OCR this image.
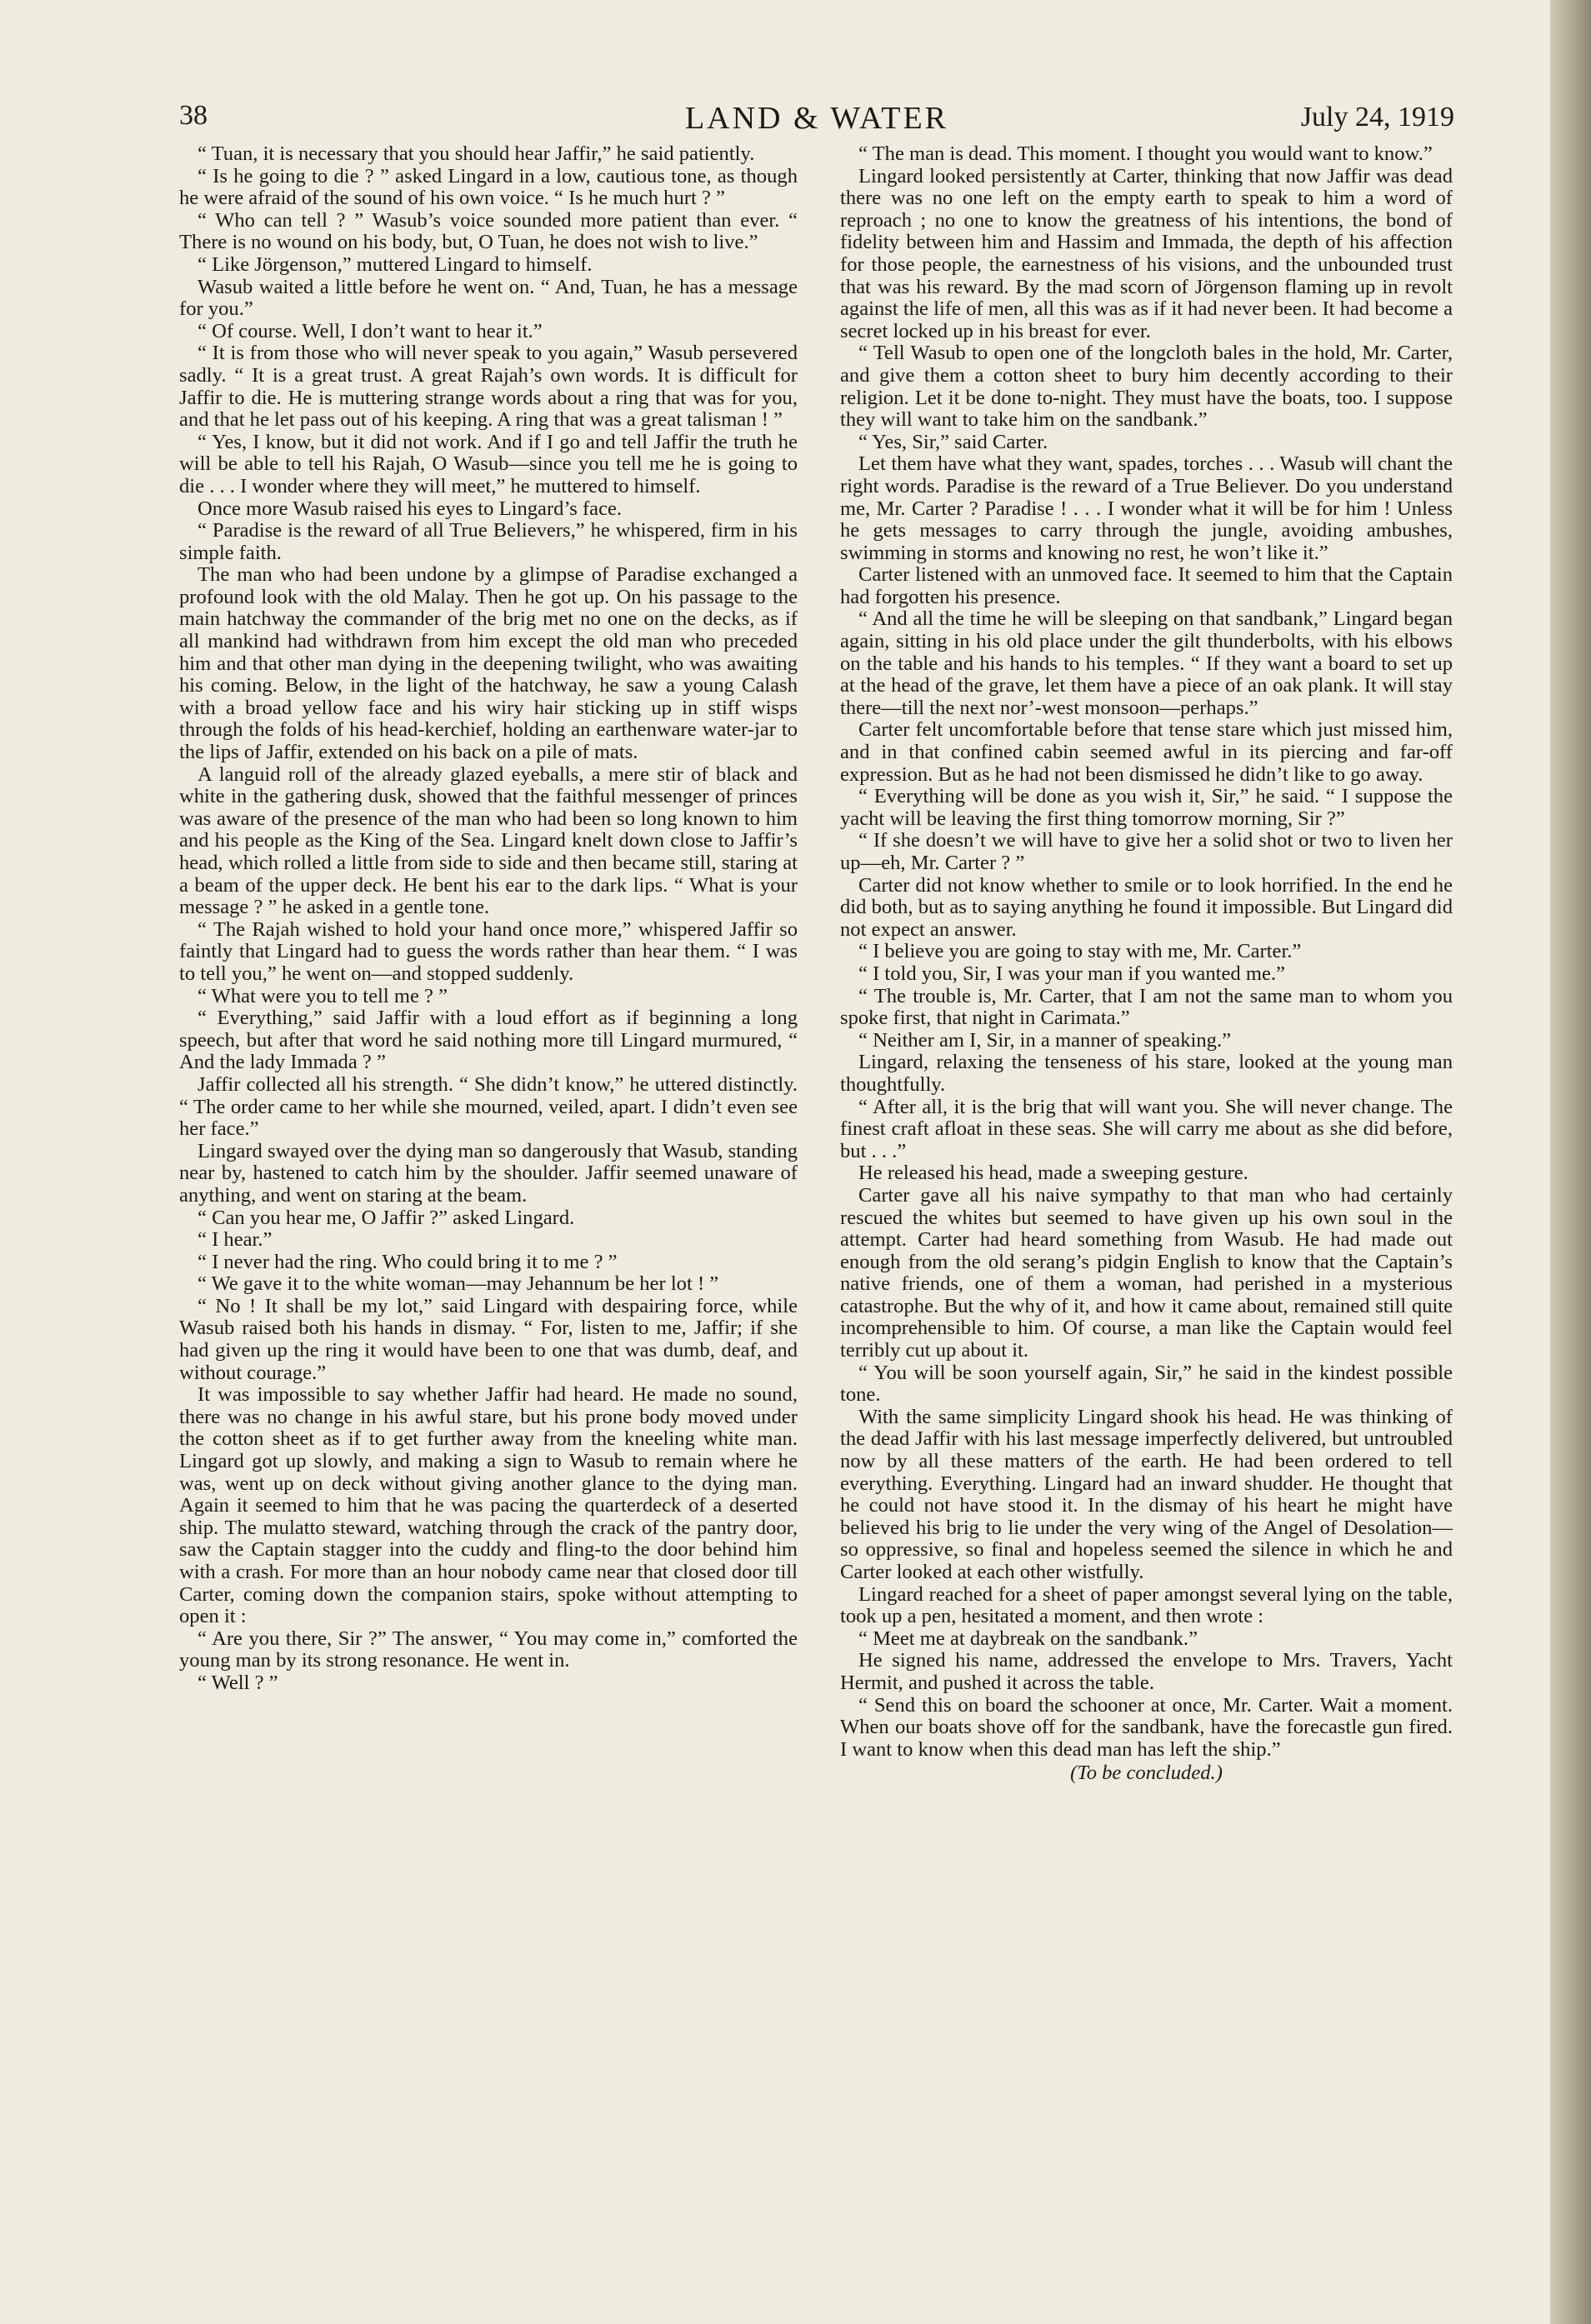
38	LAND & WATER	July 24, 1919

“ Tuan, it is necessary that you should hear Jaffir,” he said patiently.

“ Is he going to die ? ” asked Lingard in a low, cautious tone, as though he were afraid of the sound of his own voice. “ Is he much hurt ? ”

“ Who can tell ? ” Wasub’s voice sounded more patient than ever. “ There is no wound on his body, but, O Tuan, he does not wish to live.”

“ Like Jörgenson,” muttered Lingard to himself.

Wasub waited a little before he went on. “ And, Tuan, he has a message for you.”

“ Of course. Well, I don’t want to hear it.”

“ It is from those who will never speak to you again,” Wasub persevered sadly. “ It is a great trust. A great Rajah’s own words. It is difficult for Jaffir to die. He is muttering strange words about a ring that was for you, and that he let pass out of his keeping. A ring that was a great talisman ! ”

“ Yes, I know, but it did not work. And if I go and tell Jaffir the truth he will be able to tell his Rajah, O Wasub—since you tell me he is going to die . . . I wonder where they will meet,” he muttered to himself.

Once more Wasub raised his eyes to Lingard’s face.

“ Paradise is the reward of all True Believers,” he whispered, firm in his simple faith.

The man who had been undone by a glimpse of Paradise exchanged a profound look with the old Malay. Then he got up. On his passage to the main hatchway the commander of the brig met no one on the decks, as if all mankind had withdrawn from him except the old man who preceded him and that other man dying in the deepening twilight, who was awaiting his coming. Below, in the light of the hatchway, he saw a young Calash with a broad yellow face and his wiry hair sticking up in stiff wisps through the folds of his head-kerchief, holding an earthenware water-jar to the lips of Jaffir, extended on his back on a pile of mats.

A languid roll of the already glazed eyeballs, a mere stir of black and white in the gathering dusk, showed that the faithful messenger of princes was aware of the presence of the man who had been so long known to him and his people as the King of the Sea. Lingard knelt down close to Jaffir’s head, which rolled a little from side to side and then became still, staring at a beam of the upper deck. He bent his ear to the dark lips. “ What is your message ? ” he asked in a gentle tone.

“ The Rajah wished to hold your hand once more,” whispered Jaffir so faintly that Lingard had to guess the words rather than hear them. “ I was to tell you,” he went on—and stopped suddenly.

“ What were you to tell me ? ”

“ Everything,” said Jaffir with a loud effort as if beginning a long speech, but after that word he said nothing more till Lingard murmured, “ And the lady Immada ? ”

Jaffir collected all his strength. “ She didn’t know,” he uttered distinctly. “ The order came to her while she mourned, veiled, apart. I didn’t even see her face.”

Lingard swayed over the dying man so dangerously that Wasub, standing near by, hastened to catch him by the shoulder. Jaffir seemed unaware of anything, and went on staring at the beam.

“ Can you hear me, O Jaffir ?” asked Lingard.

“ I hear.”

“ I never had the ring. Who could bring it to me ? ”

“ We gave it to the white woman—may Jehannum be her lot ! ”

“ No ! It shall be my lot,” said Lingard with despairing force, while Wasub raised both his hands in dismay. “ For, listen to me, Jaffir; if she had given up the ring it would have been to one that was dumb, deaf, and without courage.”

It was impossible to say whether Jaffir had heard. He made no sound, there was no change in his awful stare, but his prone body moved under the cotton sheet as if to get further away from the kneeling white man. Lingard got up slowly, and making a sign to Wasub to remain where he was, went up on deck without giving another glance to the dying man. Again it seemed to him that he was pacing the quarterdeck of a deserted ship. The mulatto steward, watching through the crack of the pantry door, saw the Captain stagger into the cuddy and fling-to the door behind him with a crash. For more than an hour nobody came near that closed door till Carter, coming down the companion stairs, spoke without attempting to open it :

“ Are you there, Sir ?” The answer, “ You may come in,” comforted the young man by its strong resonance. He went in.

“ Well ? ”

“ The man is dead. This moment. I thought you would want to know.”

Lingard looked persistently at Carter, thinking that now Jaffir was dead there was no one left on the empty earth to speak to him a word of reproach ; no one to know the greatness of his intentions, the bond of fidelity between him and Hassim and Immada, the depth of his affection for those people, the earnestness of his visions, and the unbounded trust that was his reward. By the mad scorn of Jörgenson flaming up in revolt against the life of men, all this was as if it had never been. It had become a secret locked up in his breast for ever.

“ Tell Wasub to open one of the longcloth bales in the hold, Mr. Carter, and give them a cotton sheet to bury him decently according to their religion. Let it be done to-night. They must have the boats, too. I suppose they will want to take him on the sandbank.”

“ Yes, Sir,” said Carter.

Let them have what they want, spades, torches . . . Wasub will chant the right words. Paradise is the reward of a True Believer. Do you understand me, Mr. Carter ? Paradise ! . . . I wonder what it will be for him ! Unless he gets messages to carry through the jungle, avoiding ambushes, swimming in storms and knowing no rest, he won’t like it.”

Carter listened with an unmoved face. It seemed to him that the Captain had forgotten his presence.

“ And all the time he will be sleeping on that sandbank,” Lingard began again, sitting in his old place under the gilt thunderbolts, with his elbows on the table and his hands to his temples. “ If they want a board to set up at the head of the grave, let them have a piece of an oak plank. It will stay there—till the next nor’-west monsoon—perhaps.”

Carter felt uncomfortable before that tense stare which just missed him, and in that confined cabin seemed awful in its piercing and far-off expression. But as he had not been dismissed he didn’t like to go away.

“ Everything will be done as you wish it, Sir,” he said. “ I suppose the yacht will be leaving the first thing tomorrow morning, Sir ?”

“ If she doesn’t we will have to give her a solid shot or two to liven her up—eh, Mr. Carter ? ”

Carter did not know whether to smile or to look horrified. In the end he did both, but as to saying anything he found it impossible. But Lingard did not expect an answer.

“ I believe you are going to stay with me, Mr. Carter.”

“ I told you, Sir, I was your man if you wanted me.”

“ The trouble is, Mr. Carter, that I am not the same man to whom you spoke first, that night in Carimata.”

“ Neither am I, Sir, in a manner of speaking.”

Lingard, relaxing the tenseness of his stare, looked at the young man thoughtfully.

“ After all, it is the brig that will want you. She will never change. The finest craft afloat in these seas. She will carry me about as she did before, but . . .”

He released his head, made a sweeping gesture.

Carter gave all his naive sympathy to that man who had certainly rescued the whites but seemed to have given up his own soul in the attempt. Carter had heard something from Wasub. He had made out enough from the old serang’s pidgin English to know that the Captain’s native friends, one of them a woman, had perished in a mysterious catastrophe. But the why of it, and how it came about, remained still quite incomprehensible to him. Of course, a man like the Captain would feel terribly cut up about it.

“ You will be soon yourself again, Sir,” he said in the kindest possible tone.

With the same simplicity Lingard shook his head. He was thinking of the dead Jaffir with his last message imperfectly delivered, but untroubled now by all these matters of the earth. He had been ordered to tell everything. Everything. Lingard had an inward shudder. He thought that he could not have stood it. In the dismay of his heart he might have believed his brig to lie under the very wing of the Angel of Desolation—so oppressive, so final and hopeless seemed the silence in which he and Carter looked at each other wistfully.

Lingard reached for a sheet of paper amongst several lying on the table, took up a pen, hesitated a moment, and then wrote :

“ Meet me at daybreak on the sandbank.”

He signed his name, addressed the envelope to Mrs. Travers, Yacht Hermit, and pushed it across the table.

“ Send this on board the schooner at once, Mr. Carter. Wait a moment. When our boats shove off for the sandbank, have the forecastle gun fired. I want to know when this dead man has left the ship.”

(To be concluded.)
